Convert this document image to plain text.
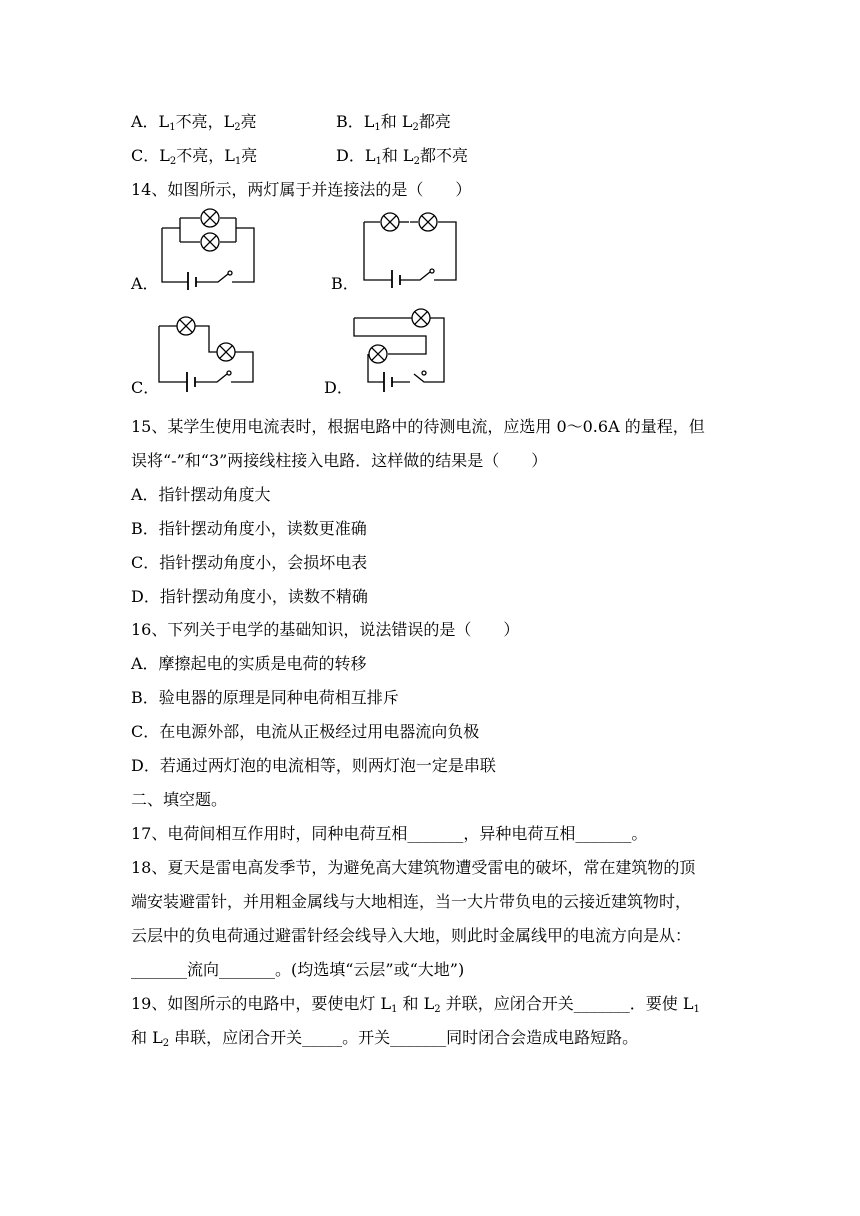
A．$L_1$不亮，$L_2$亮	B．$L_1$和 $L_2$都亮
C．$L_2$不亮，$L_1$亮	D．$L_1$和 $L_2$都不亮
14、如图所示，两灯属于并连接法的是（　　）
A．	B．
C．	D．
15、某学生使用电流表时，根据电路中的待测电流，应选用 0～0.6A 的量程，但
误将“-”和“3”两接线柱接入电路．这样做的结果是（　　）
A．指针摆动角度大
B．指针摆动角度小，读数更准确
C．指针摆动角度小，会损坏电表
D．指针摆动角度小，读数不精确
16、下列关于电学的基础知识，说法错误的是（　　）
A．摩擦起电的实质是电荷的转移
B．验电器的原理是同种电荷相互排斥
C．在电源外部，电流从正极经过用电器流向负极
D．若通过两灯泡的电流相等，则两灯泡一定是串联
二、填空题。
17、电荷间相互作用时，同种电荷互相_______，异种电荷互相_______。
18、夏天是雷电高发季节，为避免高大建筑物遭受雷电的破坏，常在建筑物的顶
端安装避雷针，并用粗金属线与大地相连，当一大片带负电的云接近建筑物时，
云层中的负电荷通过避雷针经会线导入大地，则此时金属线甲的电流方向是从：
_______流向_______。(均选填“云层”或“大地”)
19、如图所示的电路中，要使电灯 $L_1$ 和 $L_2$ 并联，应闭合开关_______．要使 $L_1$
和 $L_2$ 串联，应闭合开关_____。开关_______同时闭合会造成电路短路。
